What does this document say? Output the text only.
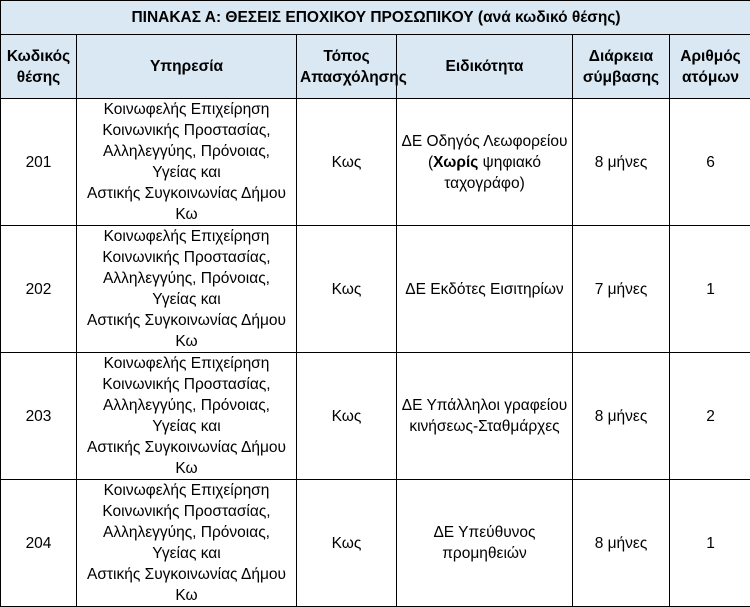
ΠΙΝΑΚΑΣ Α: ΘΕΣΕΙΣ ΕΠΟΧΙΚΟΥ ΠΡΟΣΩΠΙΚΟΥ (ανά κωδικό θέσης)					
Κωδικός
θέσης	Υπηρεσία	Τόπος
Απασχόλησης	Ειδικότητα	Διάρκεια
σύμβασης	Αριθμός
ατόμων
201	Κοινωφελής Επιχείρηση
Κοινωνικής Προστασίας,
Αλληλεγγύης, Πρόνοιας, Υγείας και
Αστικής Συγκοινωνίας Δήμου Κω	Κως	ΔΕ Οδηγός Λεωφορείου
(Χωρίς ψηφιακό
ταχογράφο)	8 μήνες	6
202	Κοινωφελής Επιχείρηση
Κοινωνικής Προστασίας,
Αλληλεγγύης, Πρόνοιας, Υγείας και
Αστικής Συγκοινωνίας Δήμου Κω	Κως	ΔΕ Εκδότες Εισιτηρίων	7 μήνες	1
203	Κοινωφελής Επιχείρηση
Κοινωνικής Προστασίας,
Αλληλεγγύης, Πρόνοιας, Υγείας και
Αστικής Συγκοινωνίας Δήμου Κω	Κως	ΔΕ Υπάλληλοι γραφείου
κινήσεως-Σταθμάρχες	8 μήνες	2
204	Κοινωφελής Επιχείρηση
Κοινωνικής Προστασίας,
Αλληλεγγύης, Πρόνοιας, Υγείας και
Αστικής Συγκοινωνίας Δήμου Κω	Κως	ΔΕ Υπεύθυνος
προμηθειών	8 μήνες	1
